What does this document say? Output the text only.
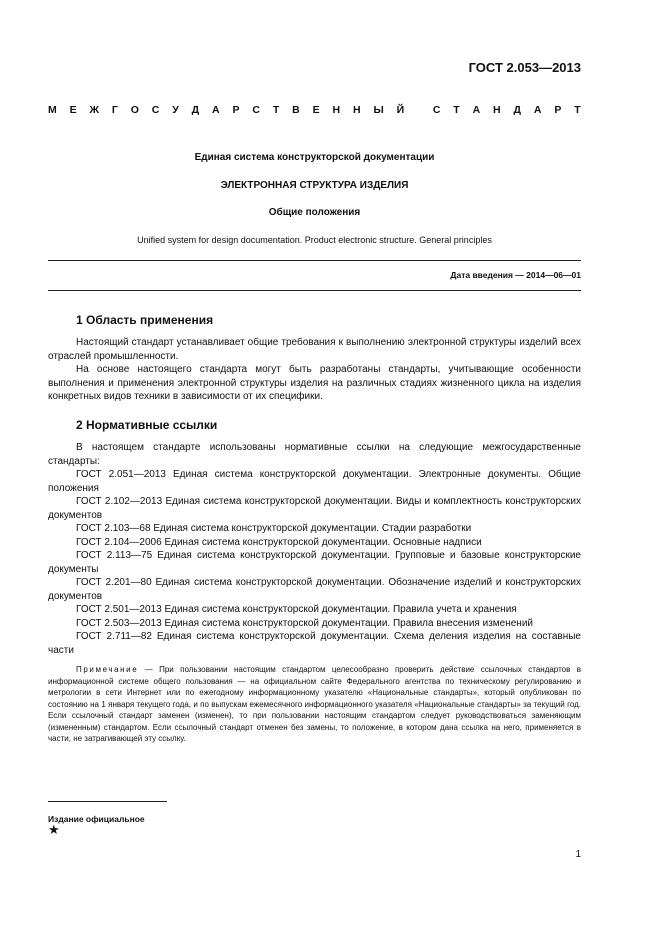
ГОСТ 2.053—2013
М Е Ж Г О С У Д А Р С Т В Е Н Н Ы Й
	С Т А Н Д А Р Т
Единая система конструкторской документации
ЭЛЕКТРОННАЯ СТРУКТУРА ИЗДЕЛИЯ
Общие положения
Unified system for design documentation. Product electronic structure. General principles
Дата введения — 2014—06—01
1 Область применения

Настоящий стандарт устанавливает общие требования к выполнению электронной структуры изделий всех отраслей промышленности.

На основе настоящего стандарта могут быть разработаны стандарты, учитывающие особенности выполнения и применения электронной структуры изделия на различных стадиях жизненного цикла на изделия конкретных видов техники в зависимости от их специфики.

2 Нормативные ссылки

В настоящем стандарте использованы нормативные ссылки на следующие межгосударственные стандарты:

ГОСТ 2.051—2013 Единая система конструкторской документации. Электронные документы. Общие положения

ГОСТ 2.102—2013 Единая система конструкторской документации. Виды и комплектность конструкторских документов

ГОСТ 2.103—68 Единая система конструкторской документации. Стадии разработки

ГОСТ 2.104—2006 Единая система конструкторской документации. Основные надписи

ГОСТ 2.113—75 Единая система конструкторской документации. Групповые и базовые конструкторские документы

ГОСТ 2.201—80 Единая система конструкторской документации. Обозначение изделий и конструкторских документов

ГОСТ 2.501—2013 Единая система конструкторской документации. Правила учета и хранения

ГОСТ 2.503—2013 Единая система конструкторской документации. Правила внесения изменений

ГОСТ 2.711—82 Единая система конструкторской документации. Схема деления изделия на составные части

Примечание — При пользовании настоящим стандартом целесообразно проверить действие ссылочных стандартов в информационной системе общего пользования — на официальном сайте Федерального агентства по техническому регулированию и метрологии в сети Интернет или по ежегодному информационному указателю «Национальные стандарты», который опубликован по состоянию на 1 января текущего года, и по выпускам ежемесячного информационного указателя «Национальные стандарты» за текущий год. Если ссылочный стандарт заменен (изменен), то при пользовании настоящим стандартом следует руководствоваться заменяющим (измененным) стандартом. Если ссылочный стандарт отменен без замены, то положение, в котором дана ссылка на него, применяется в части, не затрагивающей эту ссылку.

Издание официальное
★
1
